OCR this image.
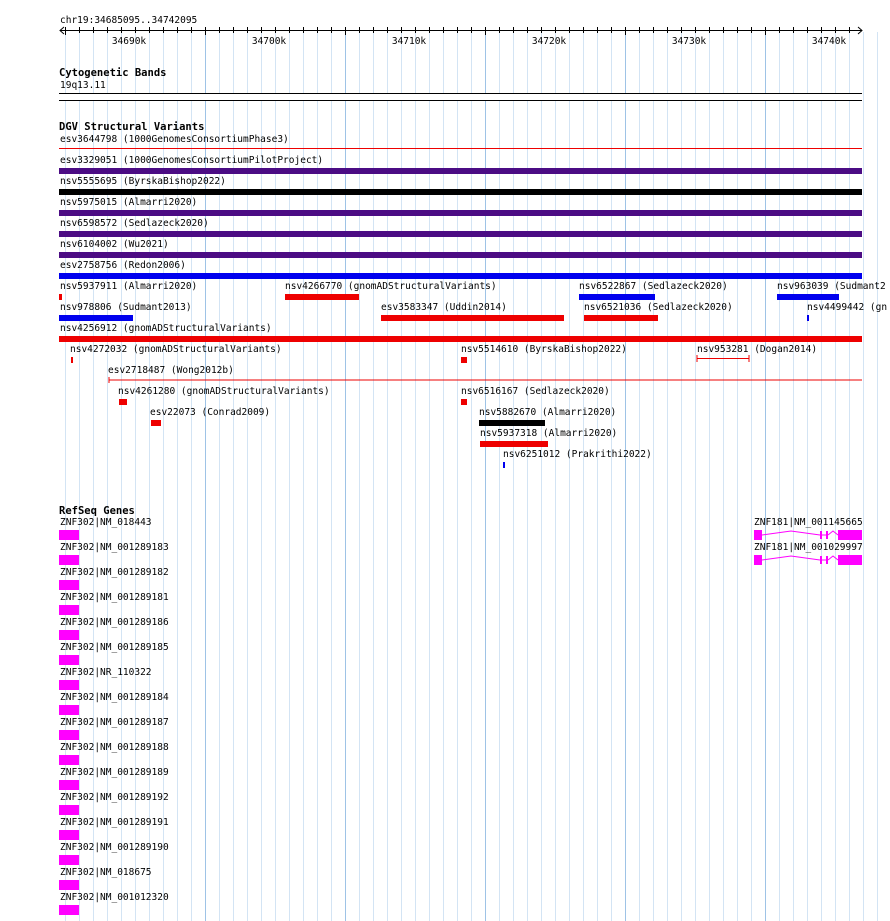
chr19:34685095..34742095
34690k	34700k	34710k	34720k	34730k	34740k
Cytogenetic Bands
19q13.11
DGV Structural Variants
esv3644798 (1000GenomesConsortiumPhase3)
esv3329051 (1000GenomesConsortiumPilotProject)
nsv5555695 (ByrskaBishop2022)
nsv5975015 (Almarri2020)
nsv6598572 (Sedlazeck2020)
nsv6104002 (Wu2021)
esv2758756 (Redon2006)
nsv5937911 (Almarri2020)	nsv4266770 (gnomADStructuralVariants)	nsv6522867 (Sedlazeck2020)	nsv963039 (Sudmant2
nsv978806 (Sudmant2013)	esv3583347 (Uddin2014)	nsv6521036 (Sedlazeck2020)	nsv4499442 (gn
nsv4256912 (gnomADStructuralVariants)
nsv4272032 (gnomADStructuralVariants)	nsv5514610 (ByrskaBishop2022)	nsv953281 (Dogan2014)
esv2718487 (Wong2012b)
nsv4261280 (gnomADStructuralVariants)	nsv6516167 (Sedlazeck2020)
esv22073 (Conrad2009)	nsv5882670 (Almarri2020)
nsv5937318 (Almarri2020)
nsv6251012 (Prakrithi2022)
RefSeq Genes
ZNF302|NM_018443
ZNF302|NM_001289183
ZNF302|NM_001289182
ZNF302|NM_001289181
ZNF302|NM_001289186
ZNF302|NM_001289185
ZNF302|NR_110322
ZNF302|NM_001289184
ZNF302|NM_001289187
ZNF302|NM_001289188
ZNF302|NM_001289189
ZNF302|NM_001289192
ZNF302|NM_001289191
ZNF302|NM_001289190
ZNF302|NM_018675
ZNF302|NM_001012320
ZNF181|NM_001145665
ZNF181|NM_001029997
